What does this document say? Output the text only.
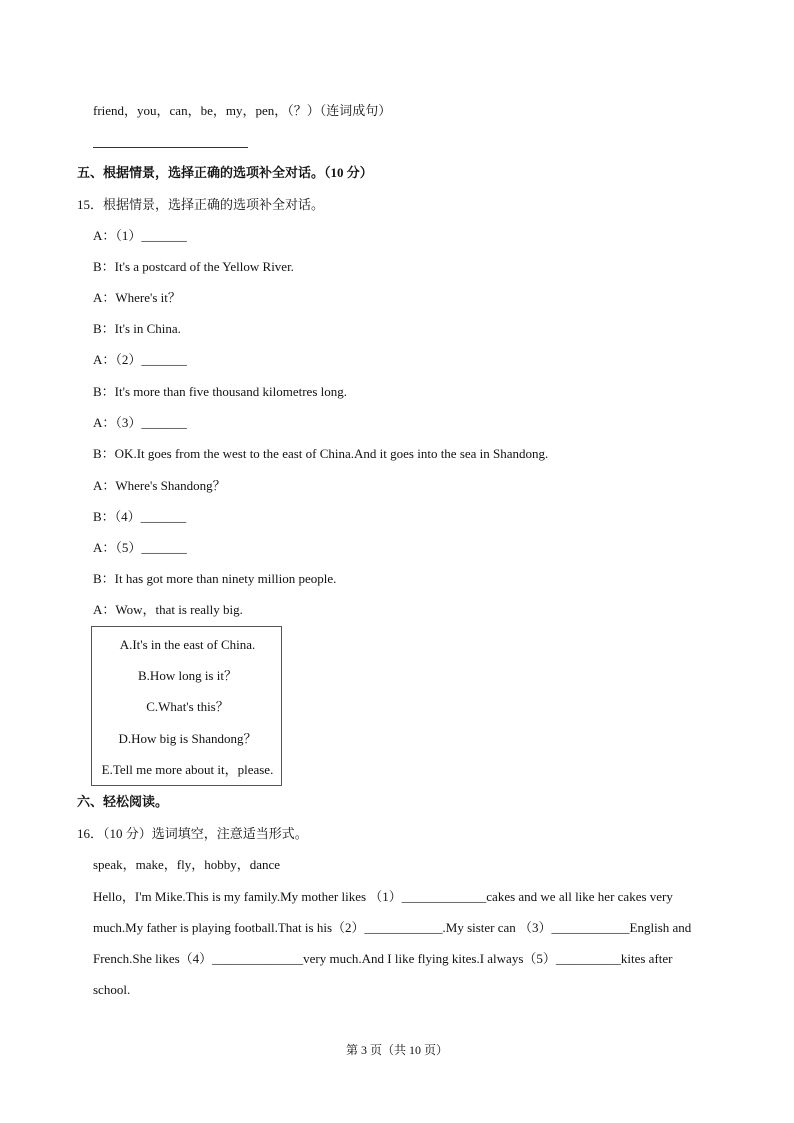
friend，you，can，be，my，pen，（？）（连词成句）
五、根据情景，选择正确的选项补全对话。（10 分）
15．根据情景，选择正确的选项补全对话。
A：（1）_______
B：It's a postcard of the Yellow River.
A：Where's it？
B：It's in China.
A：（2）_______
B：It's more than five thousand kilometres long.
A：（3）_______
B：OK.It goes from the west to the east of China.And it goes into the sea in Shandong.
A：Where's Shandong？
B：（4）_______
A：（5）_______
B：It has got more than ninety million people.
A：Wow，that is really big.
A.It's in the east of China.
B.How long is it？
C.What's this？
D.How big is Shandong？
E.Tell me more about it，please.
六、轻松阅读。
16．（10 分）选词填空，注意适当形式。
speak，make，fly，hobby，dance
Hello，I'm Mike.This is my family.My mother likes （1）_____________cakes and we all like her cakes very
much.My father is playing football.That is his（2）____________.My sister can （3）____________English and
French.She likes（4）______________very much.And I like flying kites.I always（5）__________kites after
school.
第 3 页（共 10 页）
